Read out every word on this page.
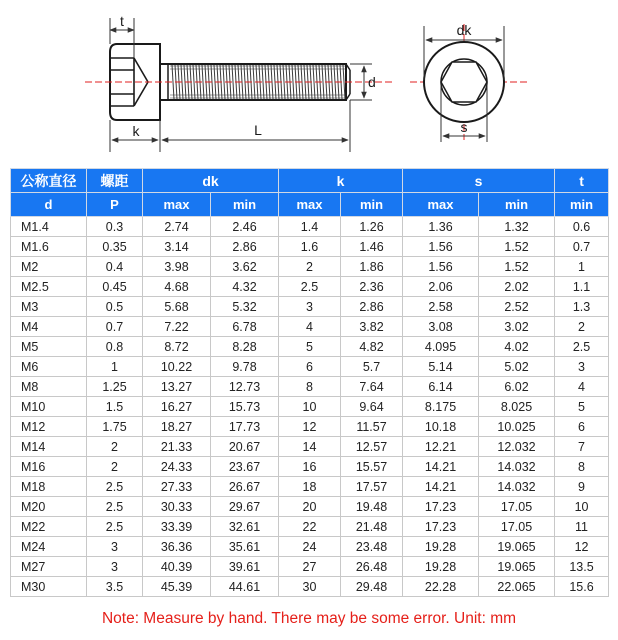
t
k	L
d
dk
s
公称直径	螺距	dk		k		s		t
d	P	max	min	max	min	max	min	min
M1.4	0.3	2.74	2.46	1.4	1.26	1.36	1.32	0.6
M1.6	0.35	3.14	2.86	1.6	1.46	1.56	1.52	0.7
M2	0.4	3.98	3.62	2	1.86	1.56	1.52	1
M2.5	0.45	4.68	4.32	2.5	2.36	2.06	2.02	1.1
M3	0.5	5.68	5.32	3	2.86	2.58	2.52	1.3
M4	0.7	7.22	6.78	4	3.82	3.08	3.02	2
M5	0.8	8.72	8.28	5	4.82	4.095	4.02	2.5
M6	1	10.22	9.78	6	5.7	5.14	5.02	3
M8	1.25	13.27	12.73	8	7.64	6.14	6.02	4
M10	1.5	16.27	15.73	10	9.64	8.175	8.025	5
M12	1.75	18.27	17.73	12	11.57	10.18	10.025	6
M14	2	21.33	20.67	14	12.57	12.21	12.032	7
M16	2	24.33	23.67	16	15.57	14.21	14.032	8
M18	2.5	27.33	26.67	18	17.57	14.21	14.032	9
M20	2.5	30.33	29.67	20	19.48	17.23	17.05	10
M22	2.5	33.39	32.61	22	21.48	17.23	17.05	11
M24	3	36.36	35.61	24	23.48	19.28	19.065	12
M27	3	40.39	39.61	27	26.48	19.28	19.065	13.5
M30	3.5	45.39	44.61	30	29.48	22.28	22.065	15.6
Note: Measure by hand. There may be some error. Unit: mm
